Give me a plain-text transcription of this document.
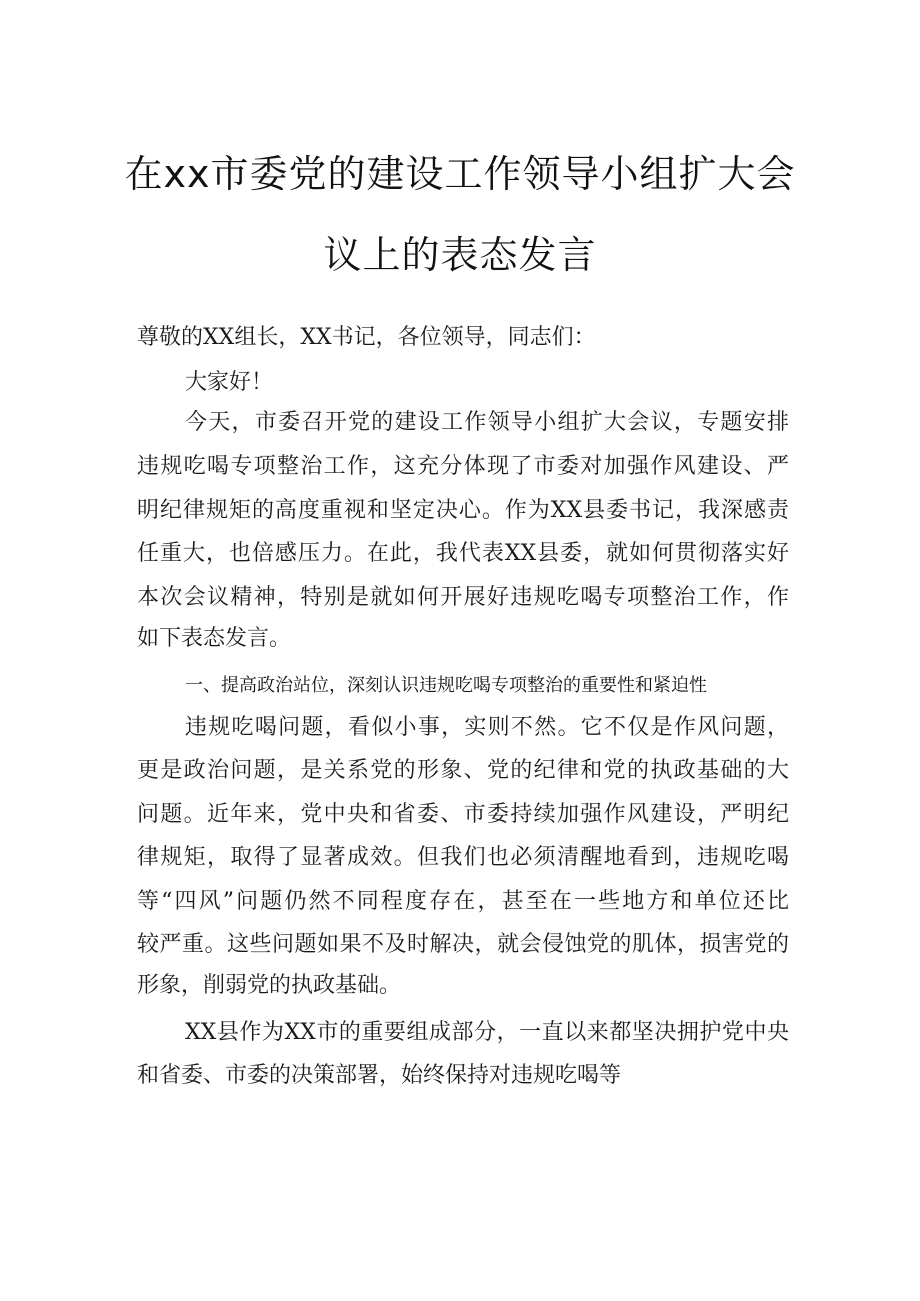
在xx市委党的建设工作领导小组扩大会
议上的表态发言
尊敬的XX组长，XX书记，各位领导，同志们：
大家好！
今天，市委召开党的建设工作领导小组扩大会议，专题安排
违规吃喝专项整治工作，这充分体现了市委对加强作风建设、严
明纪律规矩的高度重视和坚定决心。作为XX县委书记，我深感责
任重大，也倍感压力。在此，我代表XX县委，就如何贯彻落实好
本次会议精神，特别是就如何开展好违规吃喝专项整治工作，作
如下表态发言。
一、提高政治站位，深刻认识违规吃喝专项整治的重要性和紧迫性
违规吃喝问题，看似小事，实则不然。它不仅是作风问题，
更是政治问题，是关系党的形象、党的纪律和党的执政基础的大
问题。近年来，党中央和省委、市委持续加强作风建设，严明纪
律规矩，取得了显著成效。但我们也必须清醒地看到，违规吃喝
等“四风”问题仍然不同程度存在，甚至在一些地方和单位还比
较严重。这些问题如果不及时解决，就会侵蚀党的肌体，损害党的
形象，削弱党的执政基础。
XX县作为XX市的重要组成部分，一直以来都坚决拥护党中央
和省委、市委的决策部署，始终保持对违规吃喝等
